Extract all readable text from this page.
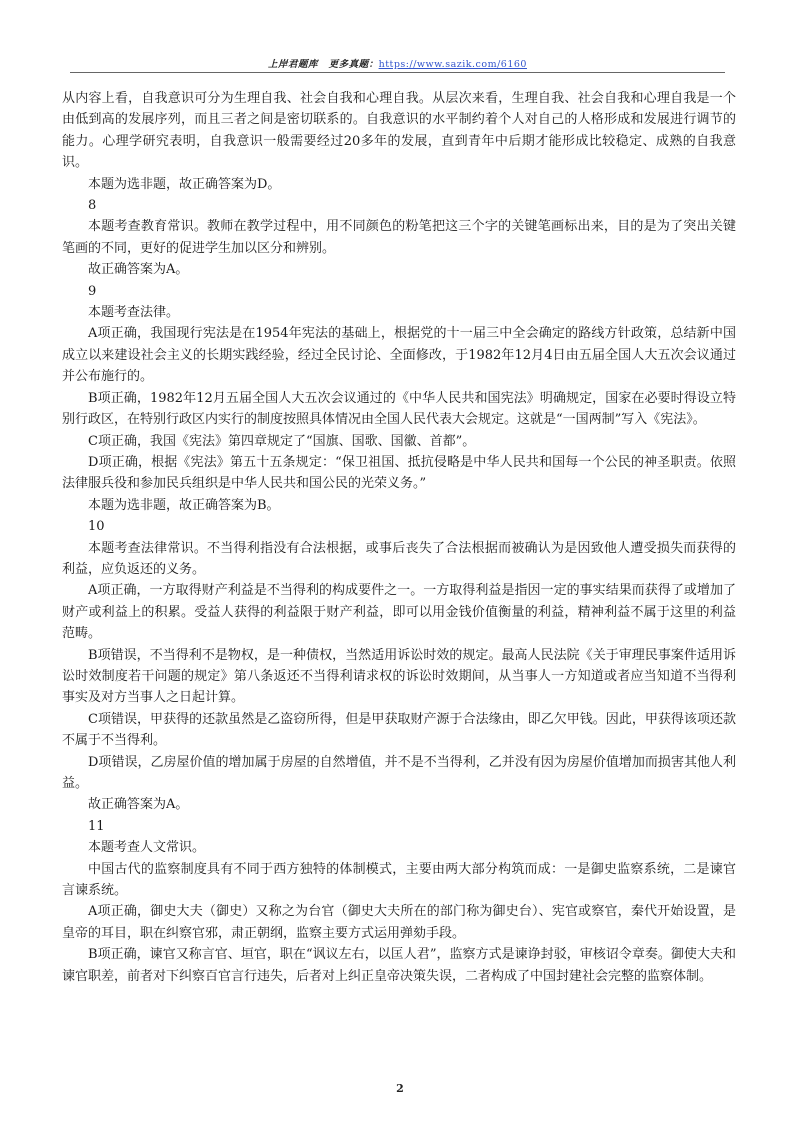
上岸君题库 更多真题：https://www.sazik.com/6160

从内容上看，自我意识可分为生理自我、社会自我和心理自我。从层次来看，生理自我、社会自我和心理自我是一个由低到高的发展序列，而且三者之间是密切联系的。自我意识的水平制约着个人对自己的人格形成和发展进行调节的能力。心理学研究表明，自我意识一般需要经过20多年的发展，直到青年中后期才能形成比较稳定、成熟的自我意识。

本题为选非题，故正确答案为D。

8

本题考查教育常识。教师在教学过程中，用不同颜色的粉笔把这三个字的关键笔画标出来，目的是为了突出关键笔画的不同，更好的促进学生加以区分和辨别。

故正确答案为A。

9

本题考查法律。

A项正确，我国现行宪法是在1954年宪法的基础上，根据党的十一届三中全会确定的路线方针政策，总结新中国成立以来建设社会主义的长期实践经验，经过全民讨论、全面修改，于1982年12月4日由五届全国人大五次会议通过并公布施行的。

B项正确，1982年12月五届全国人大五次会议通过的《中华人民共和国宪法》明确规定，国家在必要时得设立特别行政区，在特别行政区内实行的制度按照具体情况由全国人民代表大会规定。这就是“一国两制”写入《宪法》。

C项正确，我国《宪法》第四章规定了“国旗、国歌、国徽、首都”。

D项正确，根据《宪法》第五十五条规定：“保卫祖国、抵抗侵略是中华人民共和国每一个公民的神圣职责。依照法律服兵役和参加民兵组织是中华人民共和国公民的光荣义务。”

本题为选非题，故正确答案为B。

10

本题考查法律常识。不当得利指没有合法根据，或事后丧失了合法根据而被确认为是因致他人遭受损失而获得的利益，应负返还的义务。

A项正确，一方取得财产利益是不当得利的构成要件之一。一方取得利益是指因一定的事实结果而获得了或增加了财产或利益上的积累。受益人获得的利益限于财产利益，即可以用金钱价值衡量的利益，精神利益不属于这里的利益范畴。

B项错误，不当得利不是物权，是一种债权，当然适用诉讼时效的规定。最高人民法院《关于审理民事案件适用诉讼时效制度若干问题的规定》第八条返还不当得利请求权的诉讼时效期间，从当事人一方知道或者应当知道不当得利事实及对方当事人之日起计算。

C项错误，甲获得的还款虽然是乙盗窃所得，但是甲获取财产源于合法缘由，即乙欠甲钱。因此，甲获得该项还款不属于不当得利。

D项错误，乙房屋价值的增加属于房屋的自然增值，并不是不当得利，乙并没有因为房屋价值增加而损害其他人利益。

故正确答案为A。

11

本题考查人文常识。

中国古代的监察制度具有不同于西方独特的体制模式，主要由两大部分构筑而成：一是御史监察系统，二是谏官言谏系统。

A项正确，御史大夫（御史）又称之为台官（御史大夫所在的部门称为御史台）、宪官或察官，秦代开始设置，是皇帝的耳目，职在纠察官邪，肃正朝纲，监察主要方式运用弹劾手段。

B项正确，谏官又称言官、垣官，职在“讽议左右，以匡人君”，监察方式是谏诤封驳，审核诏令章奏。御使大夫和谏官职差，前者对下纠察百官言行违失，后者对上纠正皇帝决策失误，二者构成了中国封建社会完整的监察体制。

2
